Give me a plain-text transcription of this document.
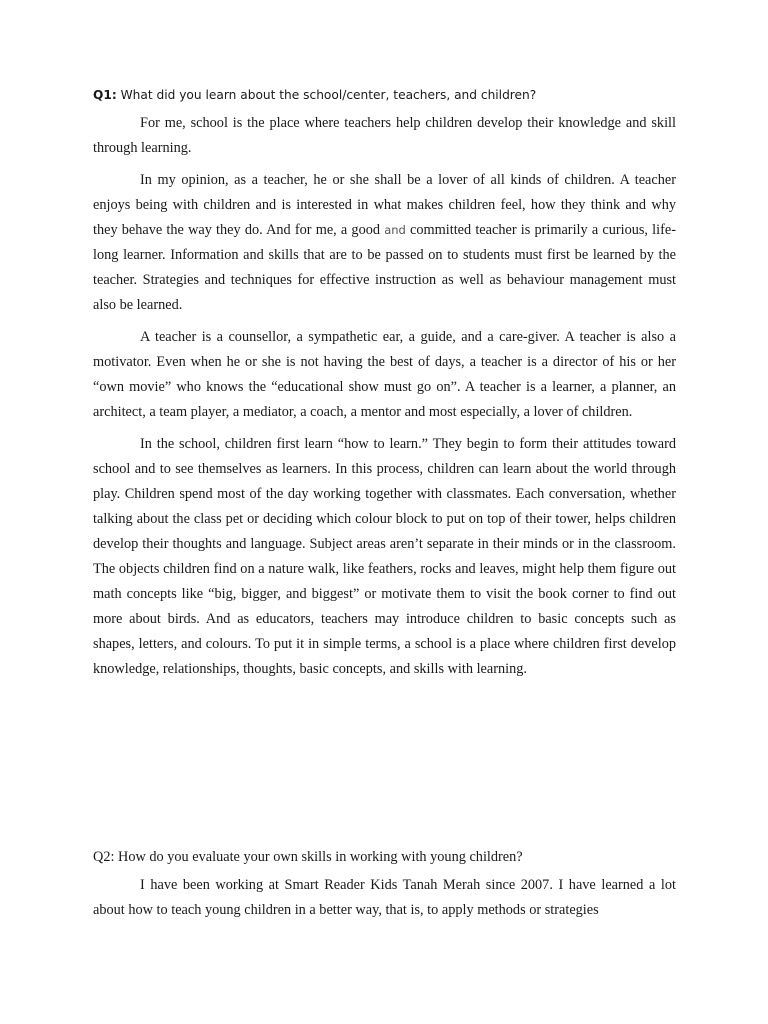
Q1: What did you learn about the school/center, teachers, and children?

For me, school is the place where teachers help children develop their knowledge and skill through learning.

In my opinion, as a teacher, he or she shall be a lover of all kinds of children. A teacher enjoys being with children and is interested in what makes children feel, how they think and why they behave the way they do. And for me, a good and committed teacher is primarily a curious, life-long learner. Information and skills that are to be passed on to students must first be learned by the teacher. Strategies and techniques for effective instruction as well as behaviour management must also be learned.

A teacher is a counsellor, a sympathetic ear, a guide, and a care-giver. A teacher is also a motivator. Even when he or she is not having the best of days, a teacher is a director of his or her “own movie” who knows the “educational show must go on”. A teacher is a learner, a planner, an architect, a team player, a mediator, a coach, a mentor and most especially, a lover of children.

In the school, children first learn “how to learn.” They begin to form their attitudes toward school and to see themselves as learners. In this process, children can learn about the world through play. Children spend most of the day working together with classmates. Each conversation, whether talking about the class pet or deciding which colour block to put on top of their tower, helps children develop their thoughts and language. Subject areas aren’t separate in their minds or in the classroom. The objects children find on a nature walk, like feathers, rocks and leaves, might help them figure out math concepts like “big, bigger, and biggest” or motivate them to visit the book corner to find out more about birds. And as educators, teachers may introduce children to basic concepts such as shapes, letters, and colours. To put it in simple terms, a school is a place where children first develop knowledge, relationships, thoughts, basic concepts, and skills with learning.

Q2: How do you evaluate your own skills in working with young children?

I have been working at Smart Reader Kids Tanah Merah since 2007. I have learned a lot about how to teach young children in a better way, that is, to apply methods or strategies
